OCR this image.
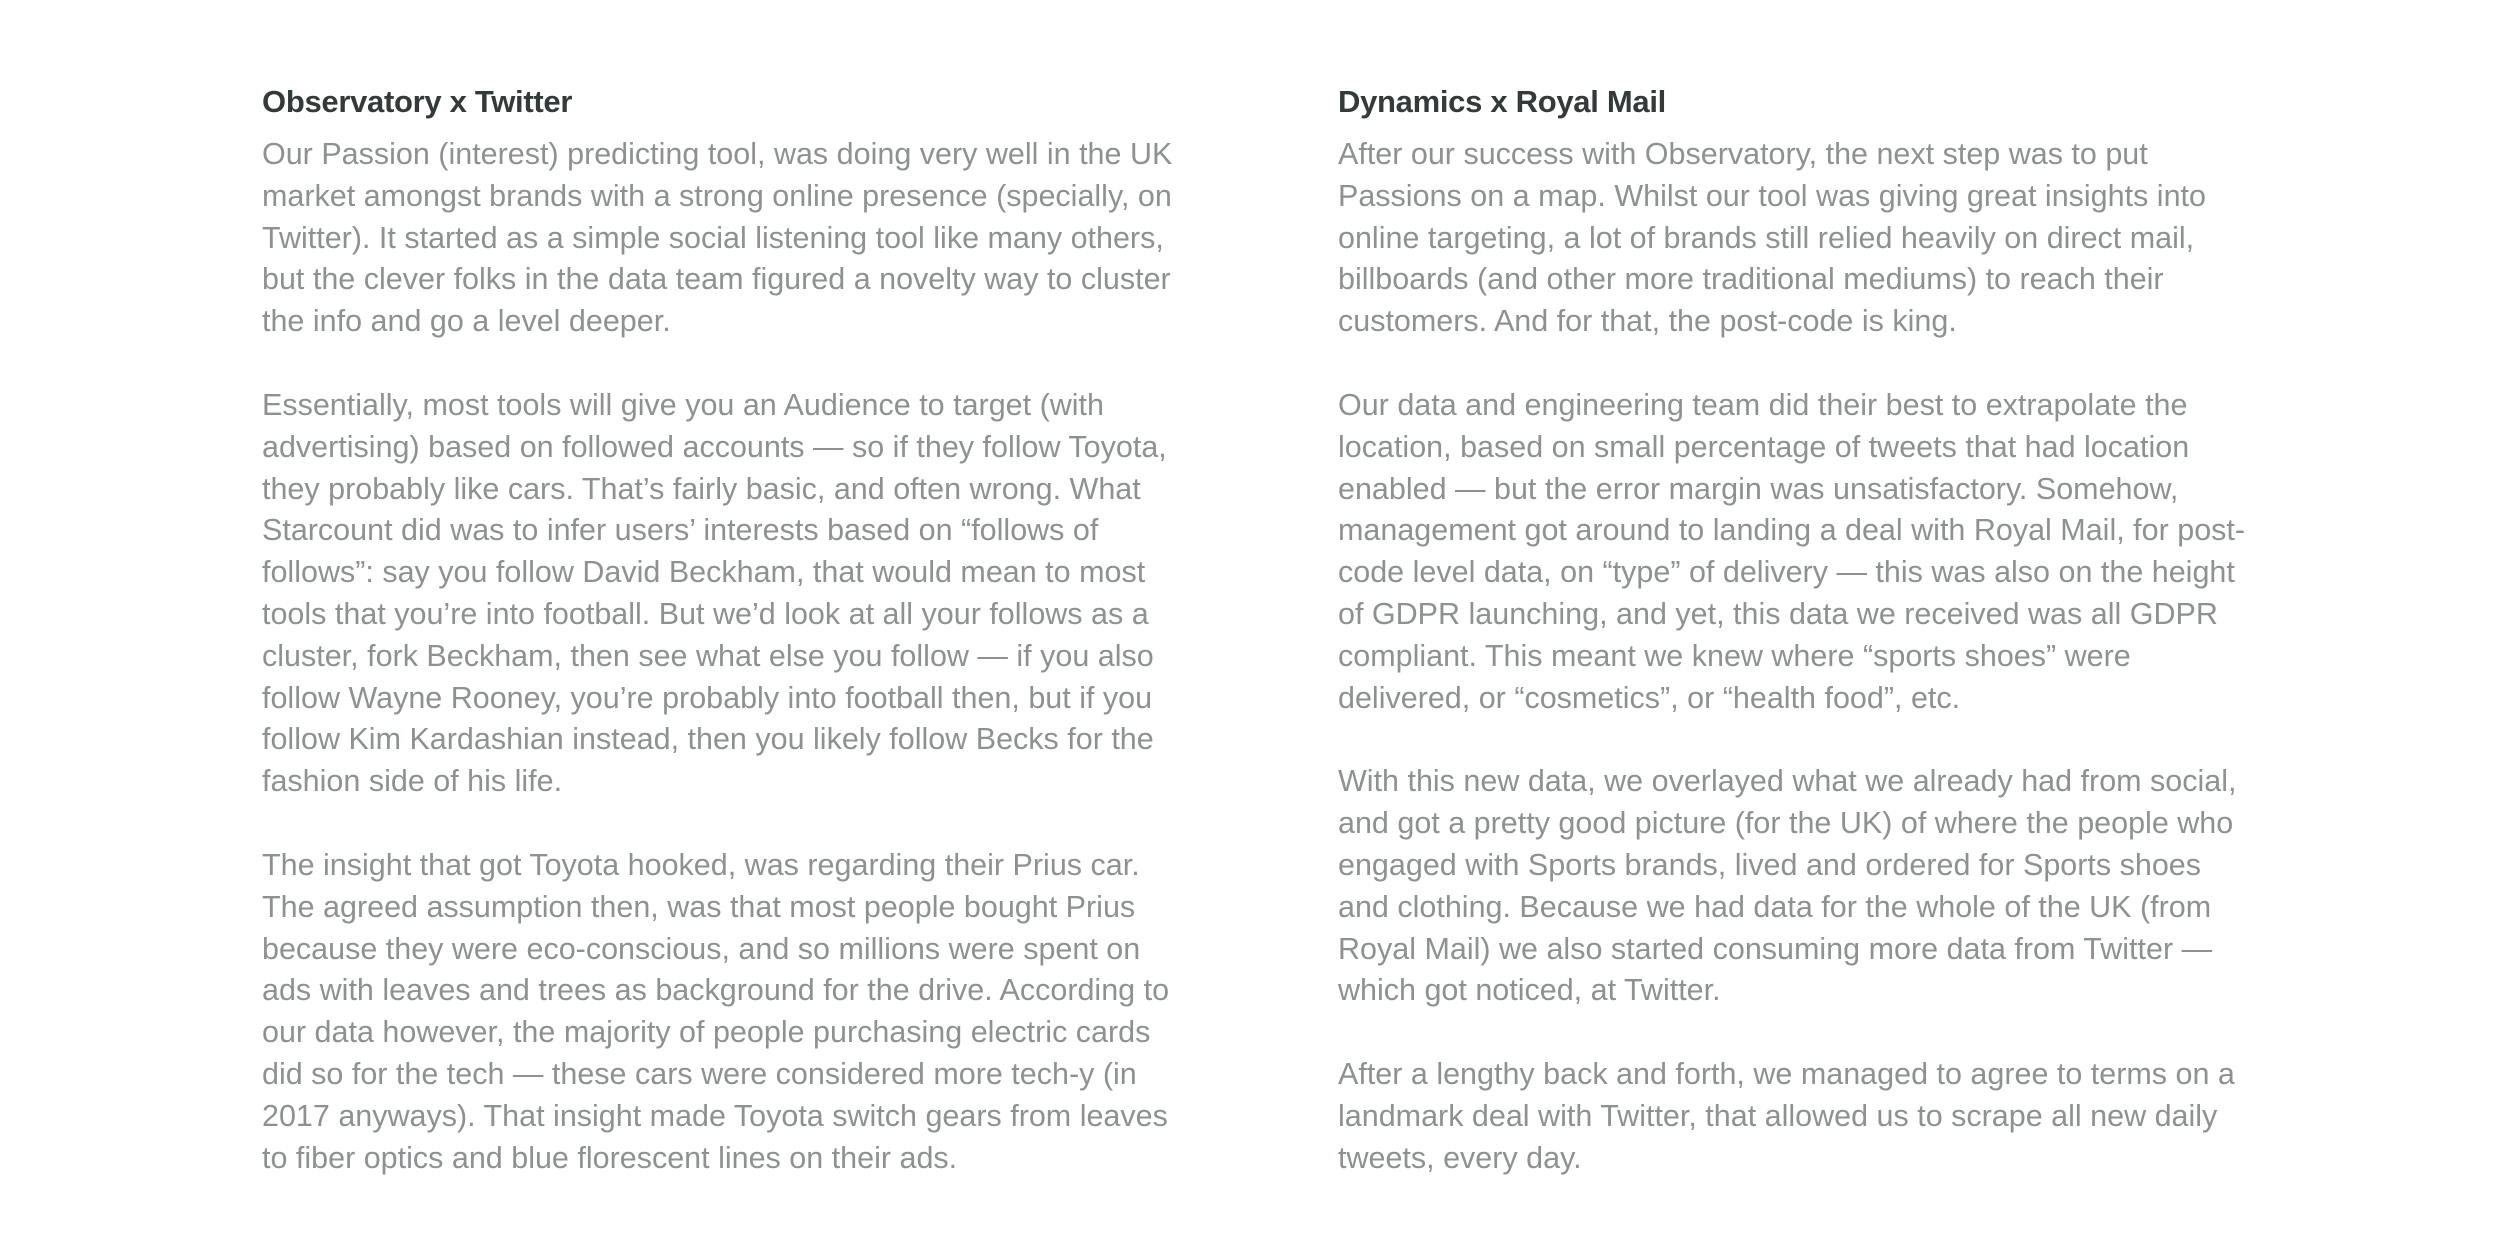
Observatory x Twitter

Our Passion (interest) predicting tool, was doing very well in the UK market amongst brands with a strong online presence (specially, on Twitter). It started as a simple social listening tool like many others, but the clever folks in the data team figured a novelty way to cluster the info and go a level deeper.

Essentially, most tools will give you an Audience to target (with advertising) based on followed accounts — so if they follow Toyota, they probably like cars. That’s fairly basic, and often wrong. What Starcount did was to infer users’ interests based on “follows of follows”: say you follow David Beckham, that would mean to most tools that you’re into football. But we’d look at all your follows as a cluster, fork Beckham, then see what else you follow — if you also follow Wayne Rooney, you’re probably into football then, but if you follow Kim Kardashian instead, then you likely follow Becks for the fashion side of his life.

The insight that got Toyota hooked, was regarding their Prius car. The agreed assumption then, was that most people bought Prius because they were eco-conscious, and so millions were spent on ads with leaves and trees as background for the drive. According to our data however, the majority of people purchasing electric cards did so for the tech — these cars were considered more tech-y (in 2017 anyways). That insight made Toyota switch gears from leaves to fiber optics and blue florescent lines on their ads.

Dynamics x Royal Mail

After our success with Observatory, the next step was to put Passions on a map. Whilst our tool was giving great insights into online targeting, a lot of brands still relied heavily on direct mail, billboards (and other more traditional mediums) to reach their customers. And for that, the post-code is king.

Our data and engineering team did their best to extrapolate the location, based on small percentage of tweets that had location enabled — but the error margin was unsatisfactory. Somehow, management got around to landing a deal with Royal Mail, for post-code level data, on “type” of delivery — this was also on the height of GDPR launching, and yet, this data we received was all GDPR compliant. This meant we knew where “sports shoes” were delivered, or “cosmetics”, or “health food”, etc.

With this new data, we overlayed what we already had from social, and got a pretty good picture (for the UK) of where the people who engaged with Sports brands, lived and ordered for Sports shoes and clothing. Because we had data for the whole of the UK (from Royal Mail) we also started consuming more data from Twitter — which got noticed, at Twitter.

After a lengthy back and forth, we managed to agree to terms on a landmark deal with Twitter, that allowed us to scrape all new daily tweets, every day.
